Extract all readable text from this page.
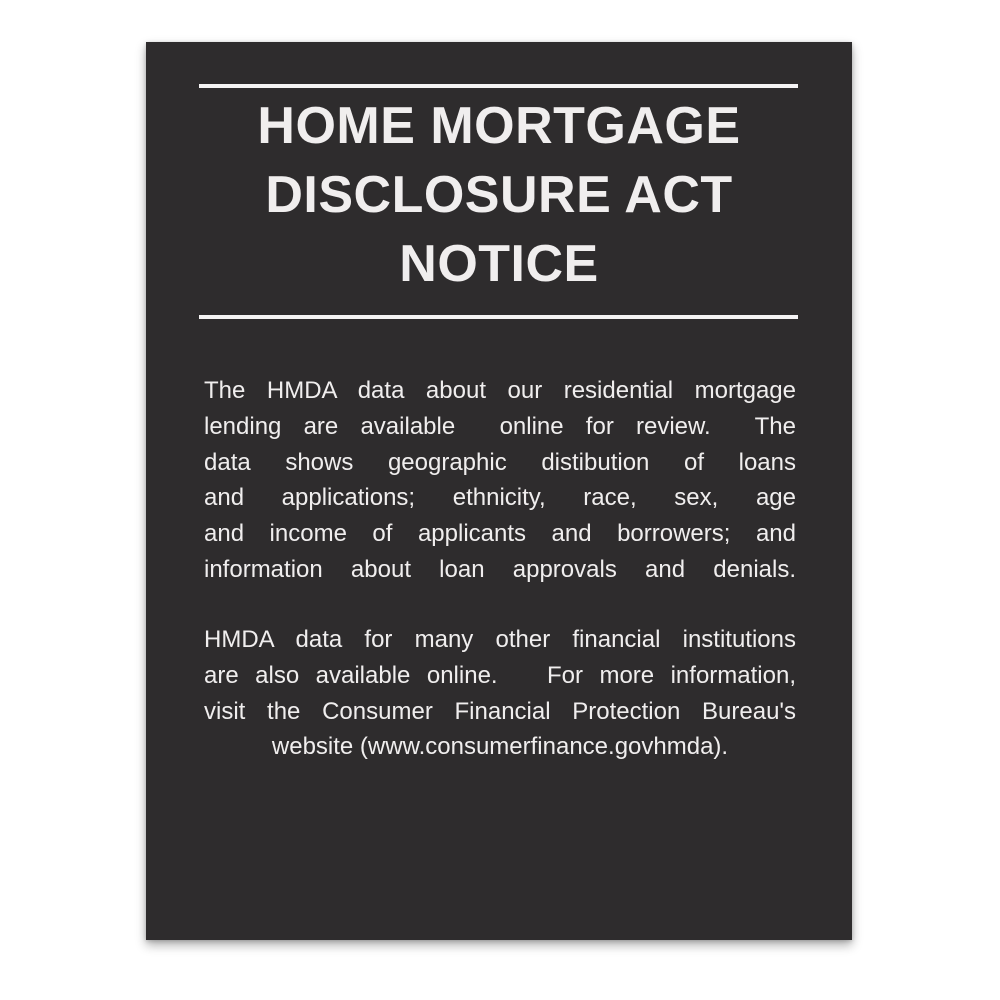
HOME MORTGAGE
DISCLOSURE ACT
NOTICE
The HMDA data about our residential mortgage
lending are available  online for review.  The
data shows geographic distibution of loans
and applications; ethnicity, race, sex, age
and income of applicants and borrowers; and
information about loan approvals and denials.
HMDA data for many other financial institutions
are also available online.   For more information,
visit the Consumer Financial Protection Bureau's
website (www.consumerfinance.govhmda).
